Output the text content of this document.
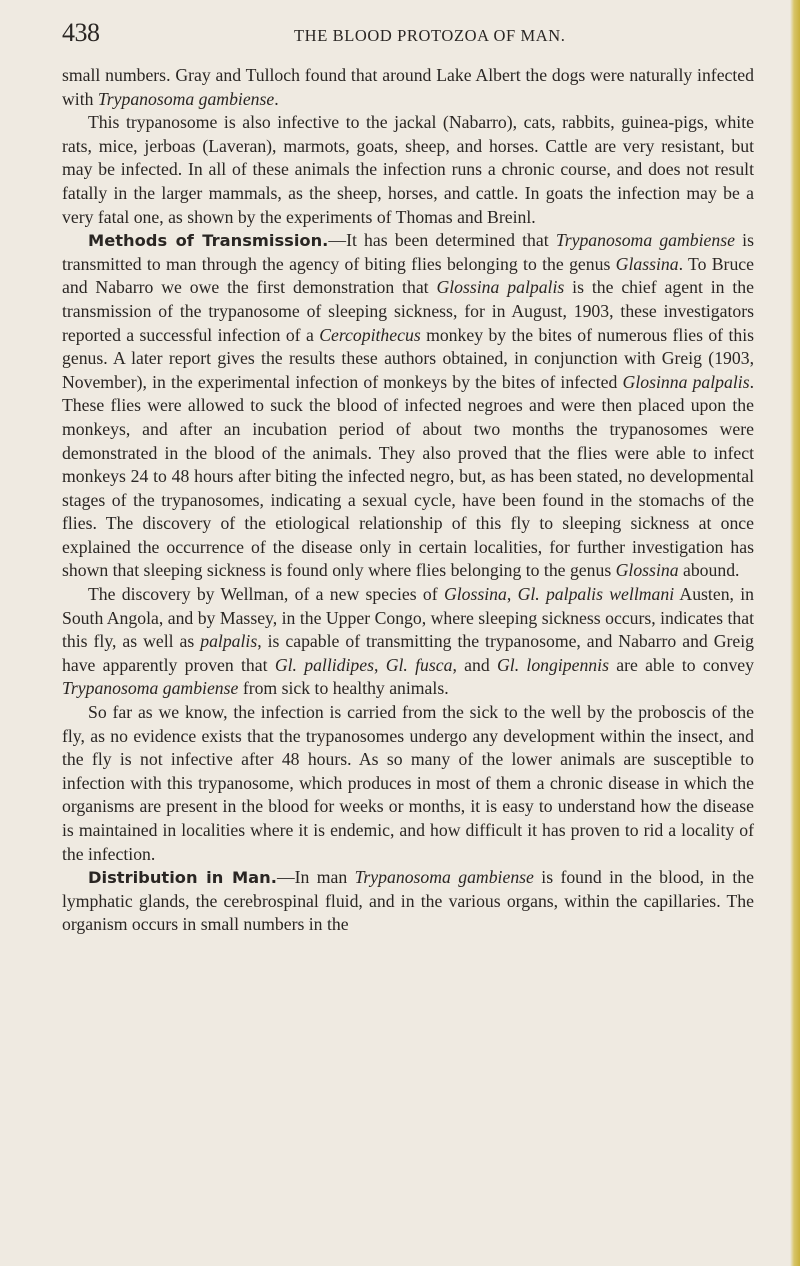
438	THE BLOOD PROTOZOA OF MAN.

small numbers. Gray and Tulloch found that around Lake Albert the dogs were naturally infected with Trypanosoma gambiense.

This trypanosome is also infective to the jackal (Nabarro), cats, rabbits, guinea-pigs, white rats, mice, jerboas (Laveran), marmots, goats, sheep, and horses. Cattle are very resistant, but may be infected. In all of these animals the infection runs a chronic course, and does not result fatally in the larger mammals, as the sheep, horses, and cattle. In goats the infection may be a very fatal one, as shown by the experiments of Thomas and Breinl.

Methods of Transmission.—It has been determined that Trypanosoma gambiense is transmitted to man through the agency of biting flies belonging to the genus Glassina. To Bruce and Nabarro we owe the first demonstration that Glossina palpalis is the chief agent in the transmission of the trypanosome of sleeping sickness, for in August, 1903, these investigators reported a successful infection of a Cercopithecus monkey by the bites of numerous flies of this genus. A later report gives the results these authors obtained, in conjunction with Greig (1903, November), in the experimental infection of monkeys by the bites of infected Glosinna palpalis. These flies were allowed to suck the blood of infected negroes and were then placed upon the monkeys, and after an incubation period of about two months the trypanosomes were demonstrated in the blood of the animals. They also proved that the flies were able to infect monkeys 24 to 48 hours after biting the infected negro, but, as has been stated, no developmental stages of the trypanosomes, indicating a sexual cycle, have been found in the stomachs of the flies. The discovery of the etiological relationship of this fly to sleeping sickness at once explained the occurrence of the disease only in certain localities, for further investigation has shown that sleeping sickness is found only where flies belonging to the genus Glossina abound.

The discovery by Wellman, of a new species of Glossina, Gl. palpalis wellmani Austen, in South Angola, and by Massey, in the Upper Congo, where sleeping sickness occurs, indicates that this fly, as well as palpalis, is capable of transmitting the trypanosome, and Nabarro and Greig have apparently proven that Gl. pallidipes, Gl. fusca, and Gl. longipennis are able to convey Trypanosoma gambiense from sick to healthy animals.

So far as we know, the infection is carried from the sick to the well by the proboscis of the fly, as no evidence exists that the trypanosomes undergo any development within the insect, and the fly is not infective after 48 hours. As so many of the lower animals are susceptible to infection with this trypanosome, which produces in most of them a chronic disease in which the organisms are present in the blood for weeks or months, it is easy to understand how the disease is maintained in localities where it is endemic, and how difficult it has proven to rid a locality of the infection.

Distribution in Man.—In man Trypanosoma gambiense is found in the blood, in the lymphatic glands, the cerebrospinal fluid, and in the various organs, within the capillaries. The organism occurs in small numbers in the
